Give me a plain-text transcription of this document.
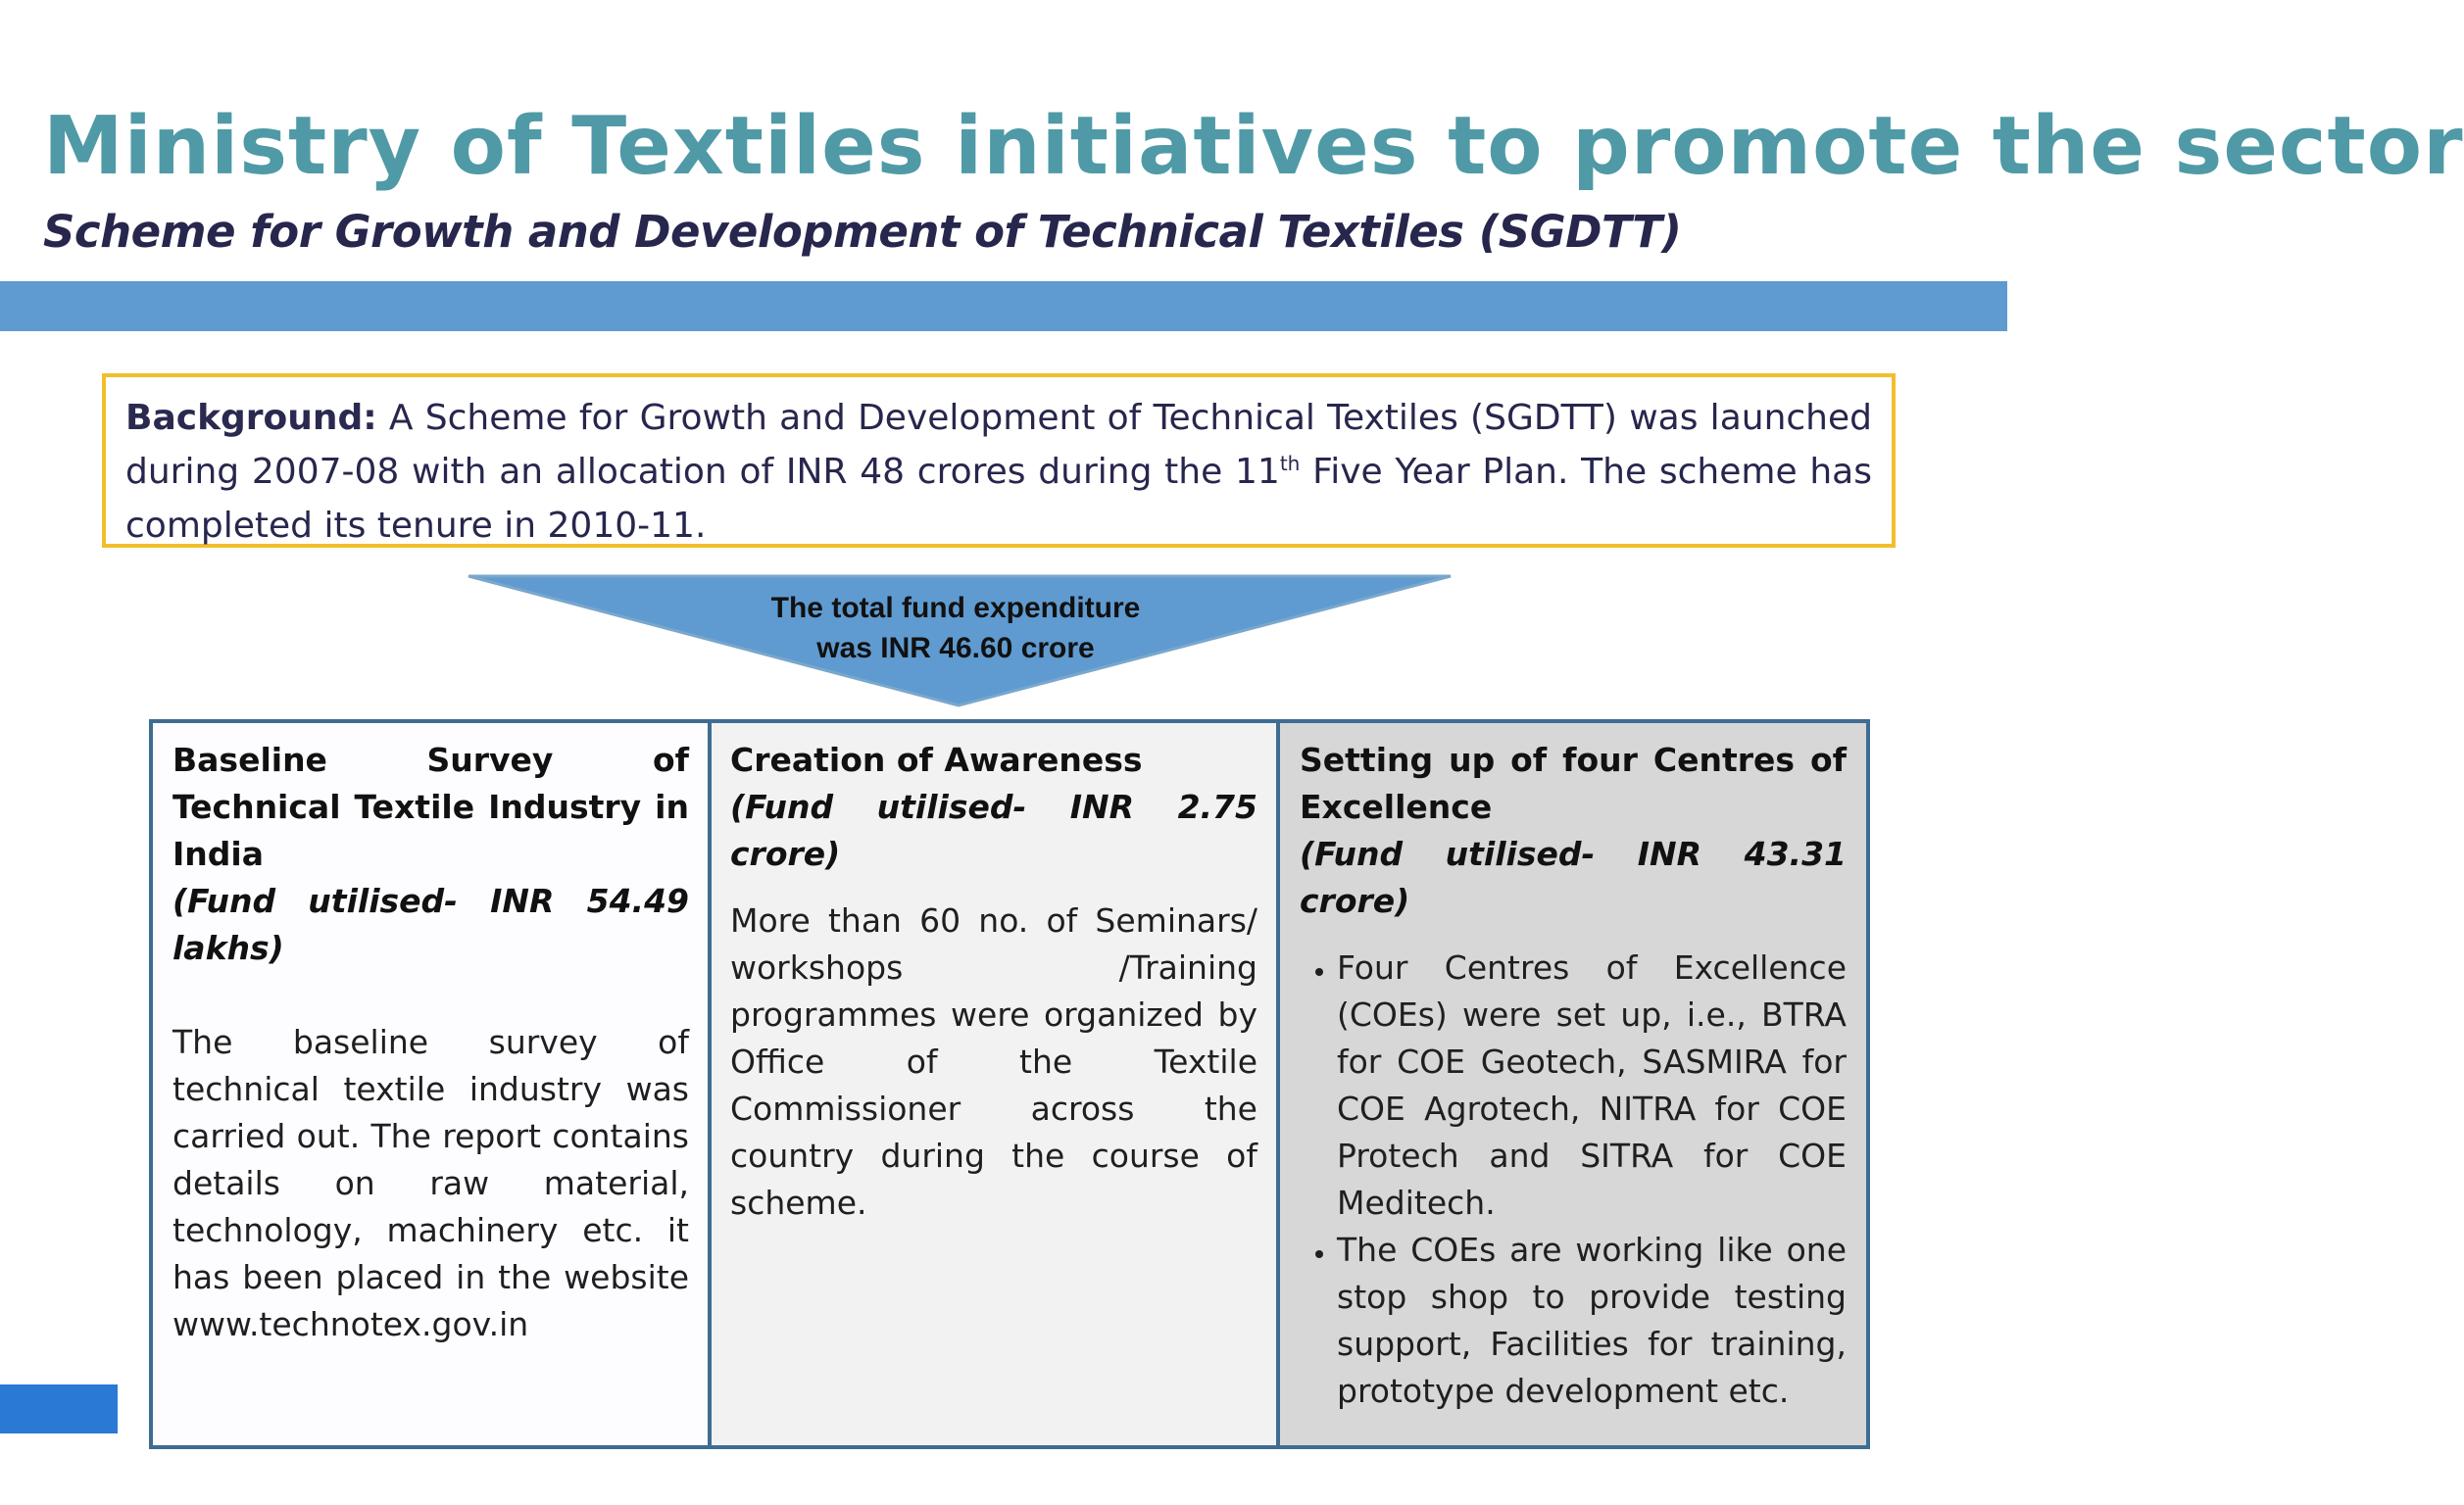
Ministry of Textiles initiatives to promote the sector
Scheme for Growth and Development of Technical Textiles (SGDTT)
Background: A Scheme for Growth and Development of Technical Textiles (SGDTT) was launched during 2007-08 with an allocation of INR 48 crores during the 11th Five Year Plan. The scheme has completed its tenure in 2010-11.
The total fund expenditure
was INR 46.60 crore
Baseline Survey of Technical Textile Industry in India
(Fund utilised- INR 54.49 lakhs)

The baseline survey of technical textile industry was carried out. The report contains details on raw material, technology, machinery etc. it has been placed in the website www.technotex.gov.in

Creation of Awareness
(Fund utilised- INR 2.75 crore)

More than 60 no. of Seminars/ workshops /Training programmes were organized by Office of the Textile Commissioner across the country during the course of scheme.

Setting up of four Centres of Excellence
(Fund utilised- INR 43.31 crore)
• Four Centres of Excellence (COEs) were set up, i.e., BTRA for COE Geotech, SASMIRA for COE Agrotech, NITRA for COE Protech and SITRA for COE Meditech.
• The COEs are working like one stop shop to provide testing support, Facilities for training, prototype development etc.
